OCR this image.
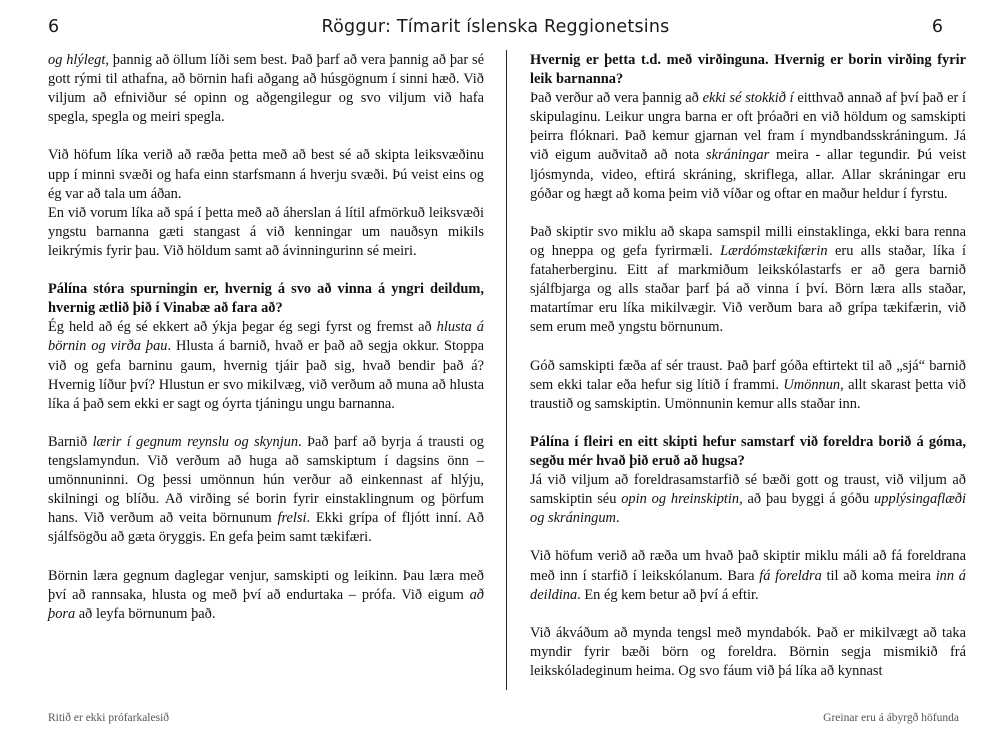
6	Röggur: Tímarit íslenska Reggionetsins	6

og hlýlegt, þannig að öllum líði sem best. Það þarf að vera þannig að þar sé gott rými til athafna, að börnin hafi aðgang að húsgögnum í sinni hæð. Við viljum að efniviður sé opinn og aðgengilegur og svo viljum við hafa spegla, spegla og meiri spegla.

Við höfum líka verið að ræða þetta með að best sé að skipta leiksvæðinu upp í minni svæði og hafa einn starfsmann á hverju svæði. Þú veist eins og ég var að tala um áðan.

En við vorum líka að spá í þetta með að áherslan á lítil afmörkuð leiksvæði yngstu barnanna gæti stangast á við kenningar um nauðsyn mikils leikrýmis fyrir þau. Við höldum samt að ávinningurinn sé meiri.

Pálína stóra spurningin er, hvernig á svo að vinna á yngri deildum, hvernig ætlið þið í Vinabæ að fara að?

Ég held að ég sé ekkert að ýkja þegar ég segi fyrst og fremst að hlusta á börnin og virða þau. Hlusta á barnið, hvað er það að segja okkur. Stoppa við og gefa barninu gaum, hvernig tjáir það sig, hvað bendir það á? Hvernig líður því? Hlustun er svo mikilvæg, við verðum að muna að hlusta líka á það sem ekki er sagt og óyrta tjáningu ungu barnanna.

Barnið lærir í gegnum reynslu og skynjun. Það þarf að byrja á trausti og tengslamyndun. Við verðum að huga að samskiptum í dagsins önn – umönnuninni. Og þessi umönnun hún verður að einkennast af hlýju, skilningi og blíðu. Að virðing sé borin fyrir einstaklingnum og þörfum hans. Við verðum að veita börnunum frelsi. Ekki grípa of fljótt inní. Að sjálfsögðu að gæta öryggis. En gefa þeim samt tækifæri.

Börnin læra gegnum daglegar venjur, samskipti og leikinn. Þau læra með því að rannsaka, hlusta og með því að endurtaka – prófa. Við eigum að þora að leyfa börnunum það.

Hvernig er þetta t.d. með virðinguna. Hvernig er borin virðing fyrir leik barnanna?

Það verður að vera þannig að ekki sé stokkið í eitthvað annað af því það er í skipulaginu. Leikur ungra barna er oft þróaðri en við höldum og samskipti þeirra flóknari. Það kemur gjarnan vel fram í myndbandsskráningum. Já við eigum auðvitað að nota skráningar meira - allar tegundir. Þú veist ljósmynda, video, eftirá skráning, skriflega, allar. Allar skráningar eru góðar og hægt að koma þeim við víðar og oftar en maður heldur í fyrstu.

Það skiptir svo miklu að skapa samspil milli einstaklinga, ekki bara renna og hneppa og gefa fyrirmæli. Lærdómstækifærin eru alls staðar, líka í fataherberginu. Eitt af markmiðum leikskólastarfs er að gera barnið sjálfbjarga og alls staðar þarf þá að vinna í því. Börn læra alls staðar, matartímar eru líka mikilvægir. Við verðum bara að grípa tækifærin, við sem erum með yngstu börnunum.

Góð samskipti fæða af sér traust. Það þarf góða eftirtekt til að „sjá“ barnið sem ekki talar eða hefur sig lítið í frammi. Umönnun, allt skarast þetta við traustið og samskiptin. Umönnunin kemur alls staðar inn.

Pálína í fleiri en eitt skipti hefur samstarf við foreldra borið á góma, segðu mér hvað þið eruð að hugsa?

Já við viljum að foreldrasamstarfið sé bæði gott og traust, við viljum að samskiptin séu opin og hreinskiptin, að þau byggi á góðu upplýsingaflæði og skráningum.

Við höfum verið að ræða um hvað það skiptir miklu máli að fá foreldrana með inn í starfið í leikskólanum. Bara fá foreldra til að koma meira inn á deildina. En ég kem betur að því á eftir.

Við ákváðum að mynda tengsl með myndabók. Það er mikilvægt að taka myndir fyrir bæði börn og foreldra. Börnin segja mismikið frá leikskóladeginum heima. Og svo fáum við þá líka að kynnast

Ritið er ekki prófarkalesið	Greinar eru á ábyrgð höfunda
